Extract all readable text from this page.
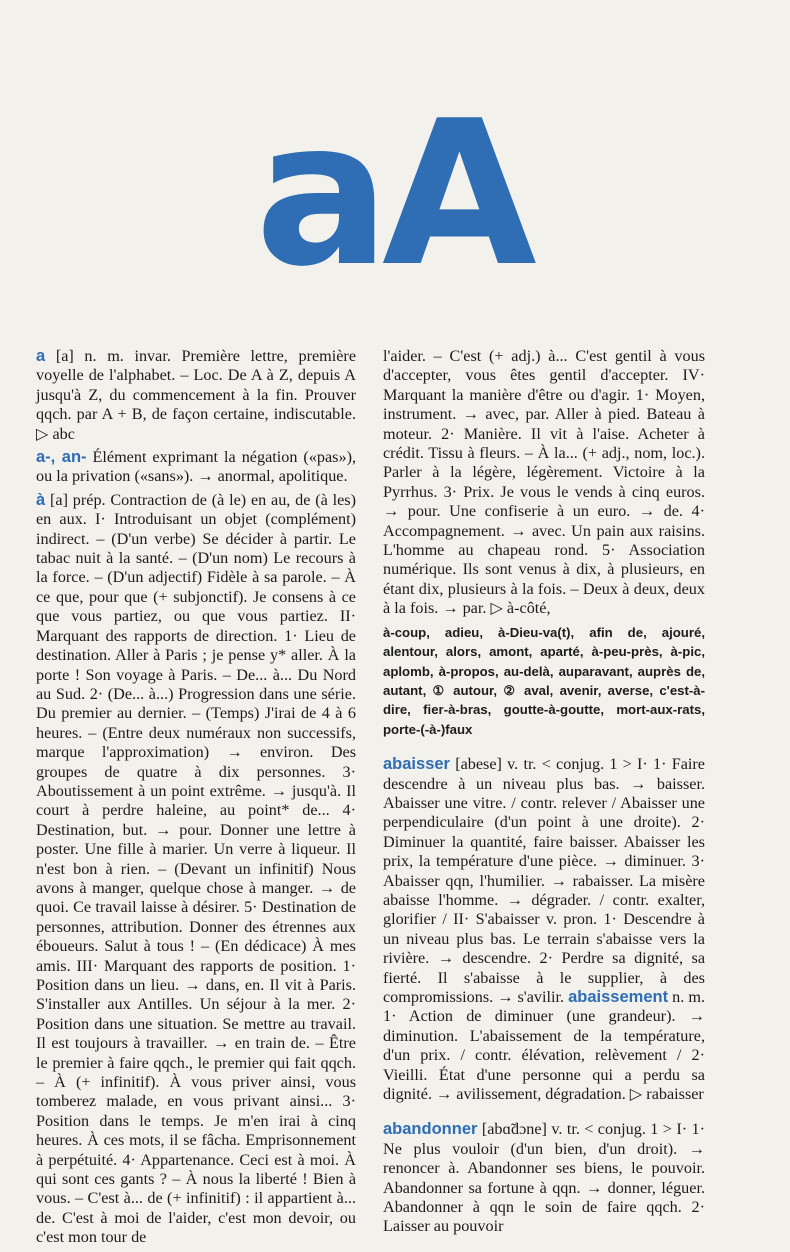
aA

a [a] n. m. invar. Première lettre, première voyelle de l'alphabet. – Loc. De A à Z, depuis A jusqu'à Z, du commencement à la fin. Prouver qqch. par A + B, de façon certaine, indiscutable. ▷ abc

a-, an- Élément exprimant la négation («pas»), ou la privation («sans»). → anormal, apolitique.

à [a] prép. Contraction de (à le) en au, de (à les) en aux. I· Introduisant un objet (complément) indirect. – (D'un verbe) Se décider à partir. Le tabac nuit à la santé. – (D'un nom) Le recours à la force. – (D'un adjectif) Fidèle à sa parole. – À ce que, pour que (+ subjonctif). Je consens à ce que vous partiez, ou que vous partiez. II· Marquant des rapports de direction. 1· Lieu de destination. Aller à Paris ; je pense y* aller. À la porte ! Son voyage à Paris. – De... à... Du Nord au Sud. 2· (De... à...) Progression dans une série. Du premier au dernier. – (Temps) J'irai de 4 à 6 heures. – (Entre deux numéraux non successifs, marque l'approximation) → environ. Des groupes de quatre à dix personnes. 3· Aboutissement à un point extrême. → jusqu'à. Il court à perdre haleine, au point* de... 4· Destination, but. → pour. Donner une lettre à poster. Une fille à marier. Un verre à liqueur. Il n'est bon à rien. – (Devant un infinitif) Nous avons à manger, quelque chose à manger. → de quoi. Ce travail laisse à désirer. 5· Destination de personnes, attribution. Donner des étrennes aux éboueurs. Salut à tous ! – (En dédicace) À mes amis. III· Marquant des rapports de position. 1· Position dans un lieu. → dans, en. Il vit à Paris. S'installer aux Antilles. Un séjour à la mer. 2· Position dans une situation. Se mettre au travail. Il est toujours à travailler. → en train de. – Être le premier à faire qqch., le premier qui fait qqch. – À (+ infinitif). À vous priver ainsi, vous tomberez malade, en vous privant ainsi... 3· Position dans le temps. Je m'en irai à cinq heures. À ces mots, il se fâcha. Emprisonnement à perpétuité. 4· Appartenance. Ceci est à moi. À qui sont ces gants ? – À nous la liberté ! Bien à vous. – C'est à... de (+ infinitif) : il appartient à... de. C'est à moi de l'aider, c'est mon devoir, ou c'est mon tour de

l'aider. – C'est (+ adj.) à... C'est gentil à vous d'accepter, vous êtes gentil d'accepter. IV· Marquant la manière d'être ou d'agir. 1· Moyen, instrument. → avec, par. Aller à pied. Bateau à moteur. 2· Manière. Il vit à l'aise. Acheter à crédit. Tissu à fleurs. – À la... (+ adj., nom, loc.). Parler à la légère, légèrement. Victoire à la Pyrrhus. 3· Prix. Je vous le vends à cinq euros. → pour. Une confiserie à un euro. → de. 4· Accompagnement. → avec. Un pain aux raisins. L'homme au chapeau rond. 5· Association numérique. Ils sont venus à dix, à plusieurs, en étant dix, plusieurs à la fois. – Deux à deux, deux à la fois. → par. ▷ à-côté,

à-coup, adieu, à-Dieu-va(t), afin de, ajouré, alentour, alors, amont, aparté, à-peu-près, à-pic, aplomb, à-propos, au-delà, auparavant, auprès de, autant, ① autour, ② aval, avenir, averse, c'est-à-dire, fier-à-bras, goutte-à-goutte, mort-aux-rats, porte-(-à-)faux

abaisser [abese] v. tr. < conjug. 1 > I· 1· Faire descendre à un niveau plus bas. → baisser. Abaisser une vitre. / contr. relever / Abaisser une perpendiculaire (d'un point à une droite). 2· Diminuer la quantité, faire baisser. Abaisser les prix, la température d'une pièce. → diminuer. 3· Abaisser qqn, l'humilier. → rabaisser. La misère abaisse l'homme. → dégrader. / contr. exalter, glorifier / II· S'abaisser v. pron. 1· Descendre à un niveau plus bas. Le terrain s'abaisse vers la rivière. → descendre. 2· Perdre sa dignité, sa fierté. Il s'abaisse à le supplier, à des compromissions. → s'avilir. abaissement n. m. 1· Action de diminuer (une grandeur). → diminution. L'abaissement de la température, d'un prix. / contr. élévation, relèvement / 2· Vieilli. État d'une personne qui a perdu sa dignité. → avilissement, dégradation. ▷ rabaisser

abandonner [abɑ̃dɔne] v. tr. < conjug. 1 > I· 1· Ne plus vouloir (d'un bien, d'un droit). → renoncer à. Abandonner ses biens, le pouvoir. Abandonner sa fortune à qqn. → donner, léguer. Abandonner à qqn le soin de faire qqch. 2· Laisser au pouvoir
